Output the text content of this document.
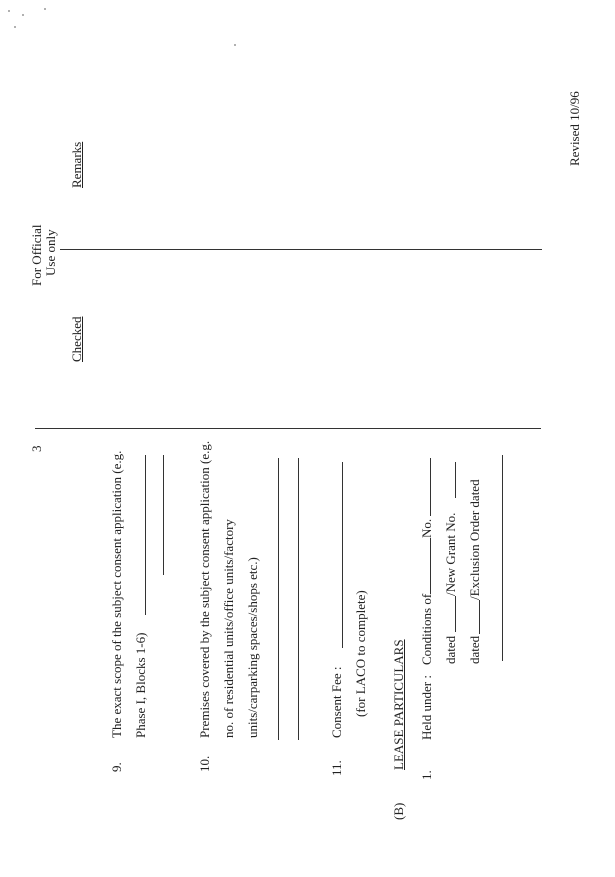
3
9.
The exact scope of the subject consent application (e.g. Phase I, Blocks 1-6)
10.
Premises covered by the subject consent application (e.g. no. of residential units/office units/factory units/carparking spaces/shops etc.)
11.
Consent Fee : (for LACO to complete)
(B)
LEASE PARTICULARS
1.
Held under :
Conditions of
No.
dated
/New Grant No.
dated
/Exclusion Order dated
For Official Use only
Checked
Remarks	Revised 10/96
